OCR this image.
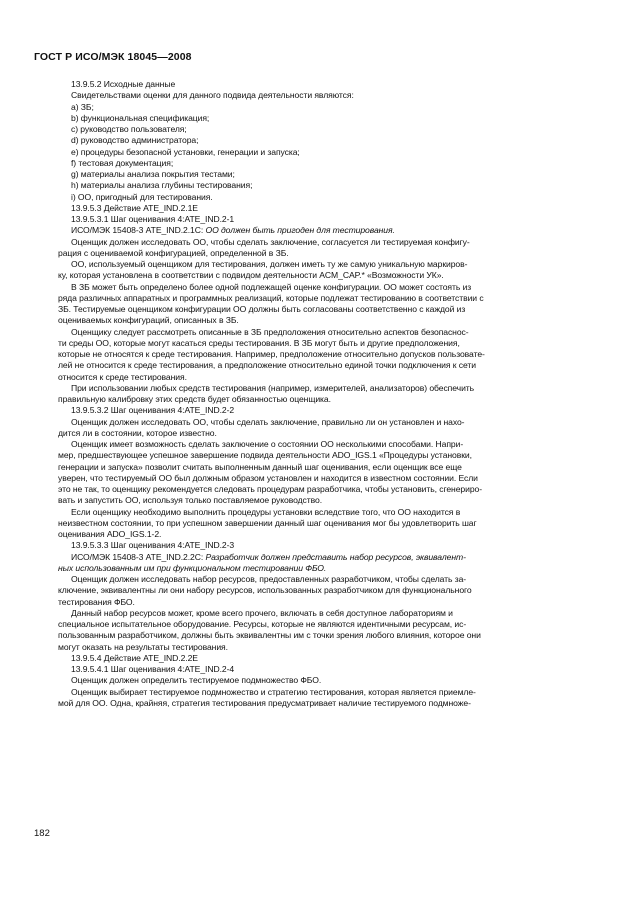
ГОСТ Р ИСО/МЭК 18045—2008

13.9.5.2 Исходные данные

Свидетельствами оценки для данного подвида деятельности являются:

a) ЗБ;

b) функциональная спецификация;

c) руководство пользователя;

d) руководство администратора;

e) процедуры безопасной установки, генерации и запуска;

f) тестовая документация;

g) материалы анализа покрытия тестами;

h) материалы анализа глубины тестирования;

i) ОО, пригодный для тестирования.

13.9.5.3 Действие ATE_IND.2.1E

13.9.5.3.1 Шаг оценивания 4:ATE_IND.2-1

ИСО/МЭК 15408-3 ATE_IND.2.1С: ОО должен быть пригоден для тестирования.

Оценщик должен исследовать ОО, чтобы сделать заключение, согласуется ли тестируемая конфигу-

рация с оцениваемой конфигурацией, определенной в ЗБ.

ОО, используемый оценщиком для тестирования, должен иметь ту же самую уникальную маркиров-

ку, которая установлена в соответствии с подвидом деятельности ACM_CAP.* «Возможности УК».

В ЗБ может быть определено более одной подлежащей оценке конфигурации. ОО может состоять из

ряда различных аппаратных и программных реализаций, которые подлежат тестированию в соответствии с

ЗБ. Тестируемые оценщиком конфигурации ОО должны быть согласованы соответственно с каждой из

оцениваемых конфигураций, описанных в ЗБ.

Оценщику следует рассмотреть описанные в ЗБ предположения относительно аспектов безопаснос-

ти среды ОО, которые могут касаться среды тестирования. В ЗБ могут быть и другие предположения,

которые не относятся к среде тестирования. Например, предположение относительно допусков пользовате-

лей не относится к среде тестирования, а предположение относительно единой точки подключения к сети

относится к среде тестирования.

При использовании любых средств тестирования (например, измерителей, анализаторов) обеспечить

правильную калибровку этих средств будет обязанностью оценщика.

13.9.5.3.2 Шаг оценивания 4:ATE_IND.2-2

Оценщик должен исследовать ОО, чтобы сделать заключение, правильно ли он установлен и нахо-

дится ли в состоянии, которое известно.

Оценщик имеет возможность сделать заключение о состоянии ОО несколькими способами. Напри-

мер, предшествующее успешное завершение подвида деятельности ADO_IGS.1 «Процедуры установки,

генерации и запуска» позволит считать выполненным данный шаг оценивания, если оценщик все еще

уверен, что тестируемый ОО был должным образом установлен и находится в известном состоянии. Если

это не так, то оценщику рекомендуется следовать процедурам разработчика, чтобы установить, сгенериро-

вать и запустить ОО, используя только поставляемое руководство.

Если оценщику необходимо выполнить процедуры установки вследствие того, что ОО находится в

неизвестном состоянии, то при успешном завершении данный шаг оценивания мог бы удовлетворить шаг

оценивания ADO_IGS.1-2.

13.9.5.3.3 Шаг оценивания 4:ATE_IND.2-3

ИСО/МЭК 15408-3 ATE_IND.2.2С: Разработчик должен представить набор ресурсов, эквивалент-

ных использованным им при функциональном тестировании ФБО.

Оценщик должен исследовать набор ресурсов, предоставленных разработчиком, чтобы сделать за-

ключение, эквивалентны ли они набору ресурсов, использованных разработчиком для функционального

тестирования ФБО.

Данный набор ресурсов может, кроме всего прочего, включать в себя доступное лабораториям и

специальное испытательное оборудование. Ресурсы, которые не являются идентичными ресурсам, ис-

пользованным разработчиком, должны быть эквивалентны им с точки зрения любого влияния, которое они

могут оказать на результаты тестирования.

13.9.5.4 Действие ATE_IND.2.2E

13.9.5.4.1 Шаг оценивания 4:ATE_IND.2-4

Оценщик должен определить тестируемое подмножество ФБО.

Оценщик выбирает тестируемое подмножество и стратегию тестирования, которая является приемле-

мой для ОО. Одна, крайняя, стратегия тестирования предусматривает наличие тестируемого подмноже-

182
